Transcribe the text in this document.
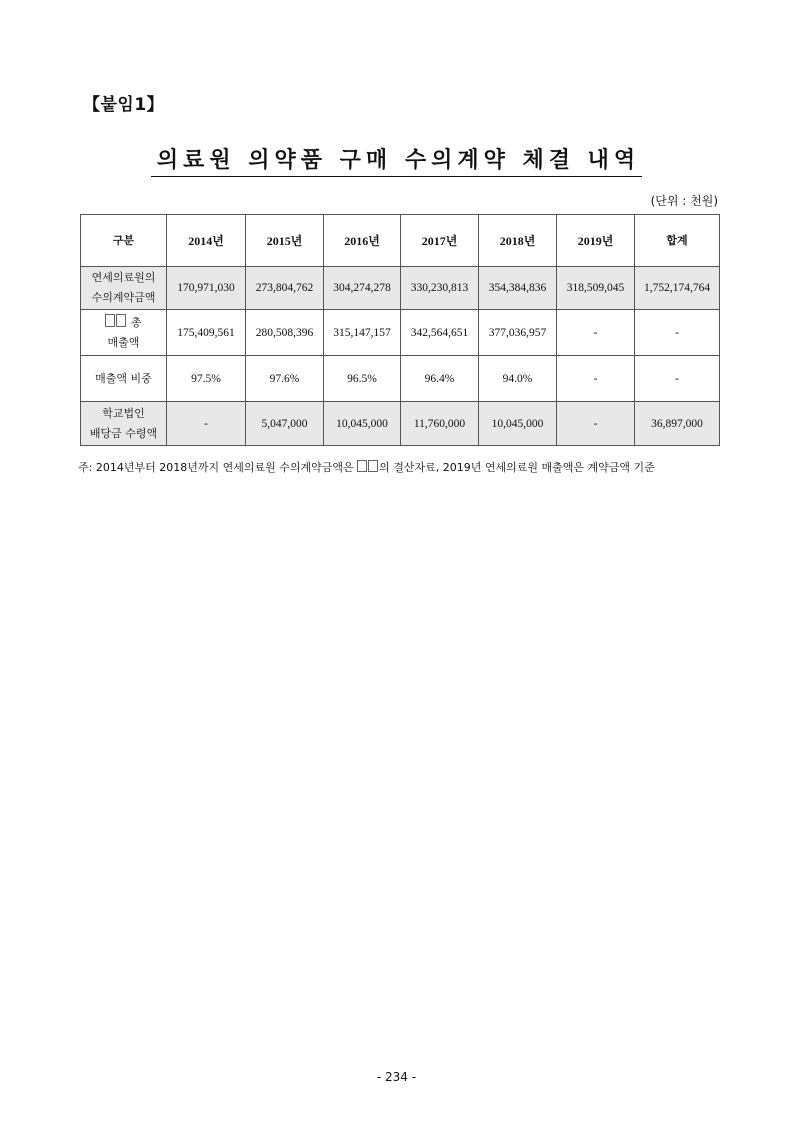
【붙임1】
의료원 의약품 구매 수의계약 체결 내역
(단위 : 천원)
구분	2014년	2015년	2016년	2017년	2018년	2019년	합계
연세의료원의
수의계약금액	170,971,030	273,804,762	304,274,278	330,230,813	354,384,836	318,509,045	1,752,174,764
총
매출액	175,409,561	280,508,396	315,147,157	342,564,651	377,036,957	-	-
매출액 비중	97.5%	97.6%	96.5%	96.4%	94.0%	-	-
학교법인
배당금 수령액	-	5,047,000	10,045,000	11,760,000	10,045,000	-	36,897,000
주: 2014년부터 2018년까지 연세의료원 수의계약금액은 의 결산자료, 2019년 연세의료원 매출액은 계약금액 기준
- 234 -
